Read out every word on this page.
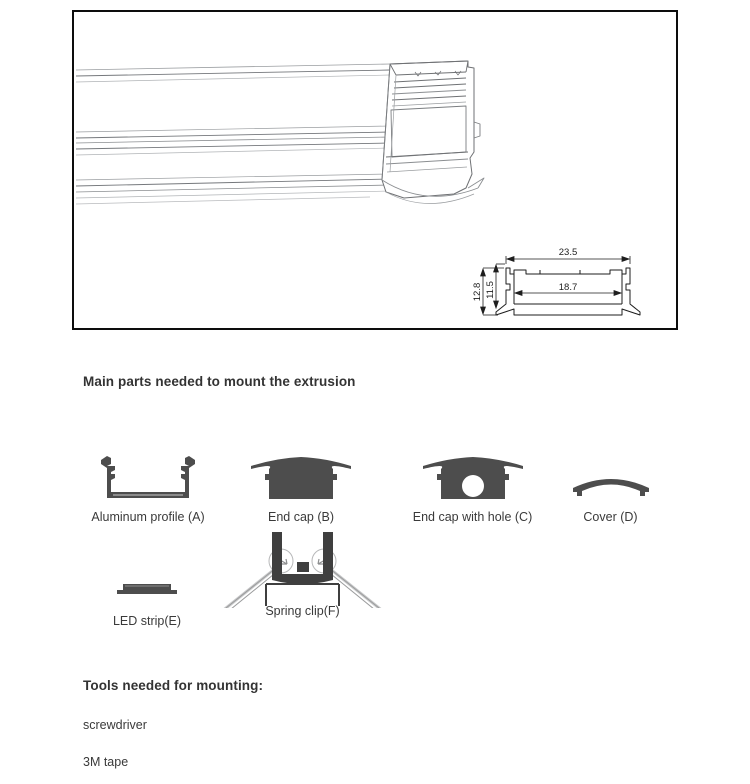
23.5
18.7
12.8 11.5
Main parts needed to mount the extrusion
Aluminum profile (A)	End cap (B)	End cap with hole (C)	Cover (D)
LED strip(E)
Spring clip(F)
Tools needed for mounting:
screwdriver
3M tape
